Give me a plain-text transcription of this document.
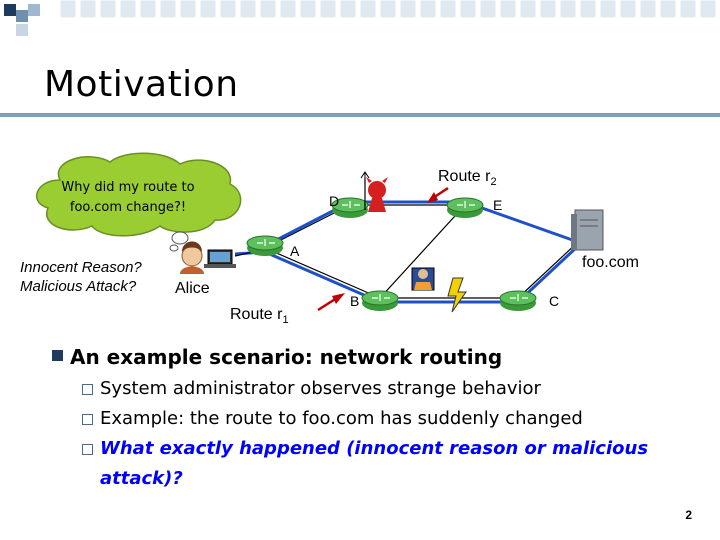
Motivation
Why did my route to
foo.com change?!
Innocent Reason?
Malicious Attack?	Alice
foo.com
Route $r_1$
Route $r_2$
A
B	C
D	E
An example scenario: network routing
System administrator observes strange behavior
Example: the route to foo.com has suddenly changed
What exactly happened (innocent reason or malicious attack)?
2
